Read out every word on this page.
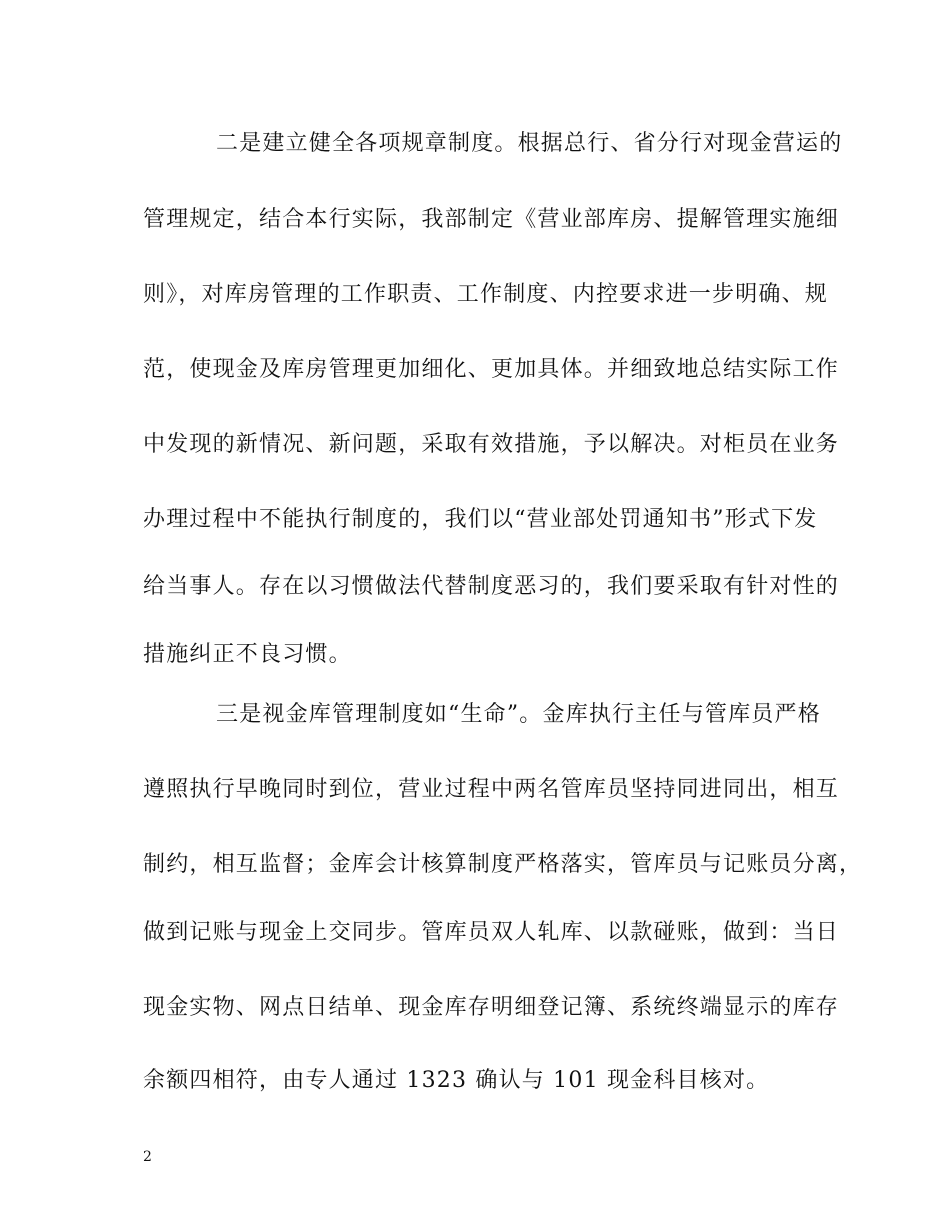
二是建立健全各项规章制度。根据总行、省分行对现金营运的
管理规定，结合本行实际，我部制定《营业部库房、提解管理实施细
则》，对库房管理的工作职责、工作制度、内控要求进一步明确、规
范，使现金及库房管理更加细化、更加具体。并细致地总结实际工作
中发现的新情况、新问题，采取有效措施，予以解决。对柜员在业务
办理过程中不能执行制度的，我们以“营业部处罚通知书”形式下发
给当事人。存在以习惯做法代替制度恶习的，我们要采取有针对性的
措施纠正不良习惯。
三是视金库管理制度如“生命”。金库执行主任与管库员严格
遵照执行早晚同时到位，营业过程中两名管库员坚持同进同出，相互
制约，相互监督；金库会计核算制度严格落实，管库员与记账员分离，
做到记账与现金上交同步。管库员双人轧库、以款碰账，做到：当日
现金实物、网点日结单、现金库存明细登记簿、系统终端显示的库存
余额四相符，由专人通过 1323 确认与 101 现金科目核对。
2
